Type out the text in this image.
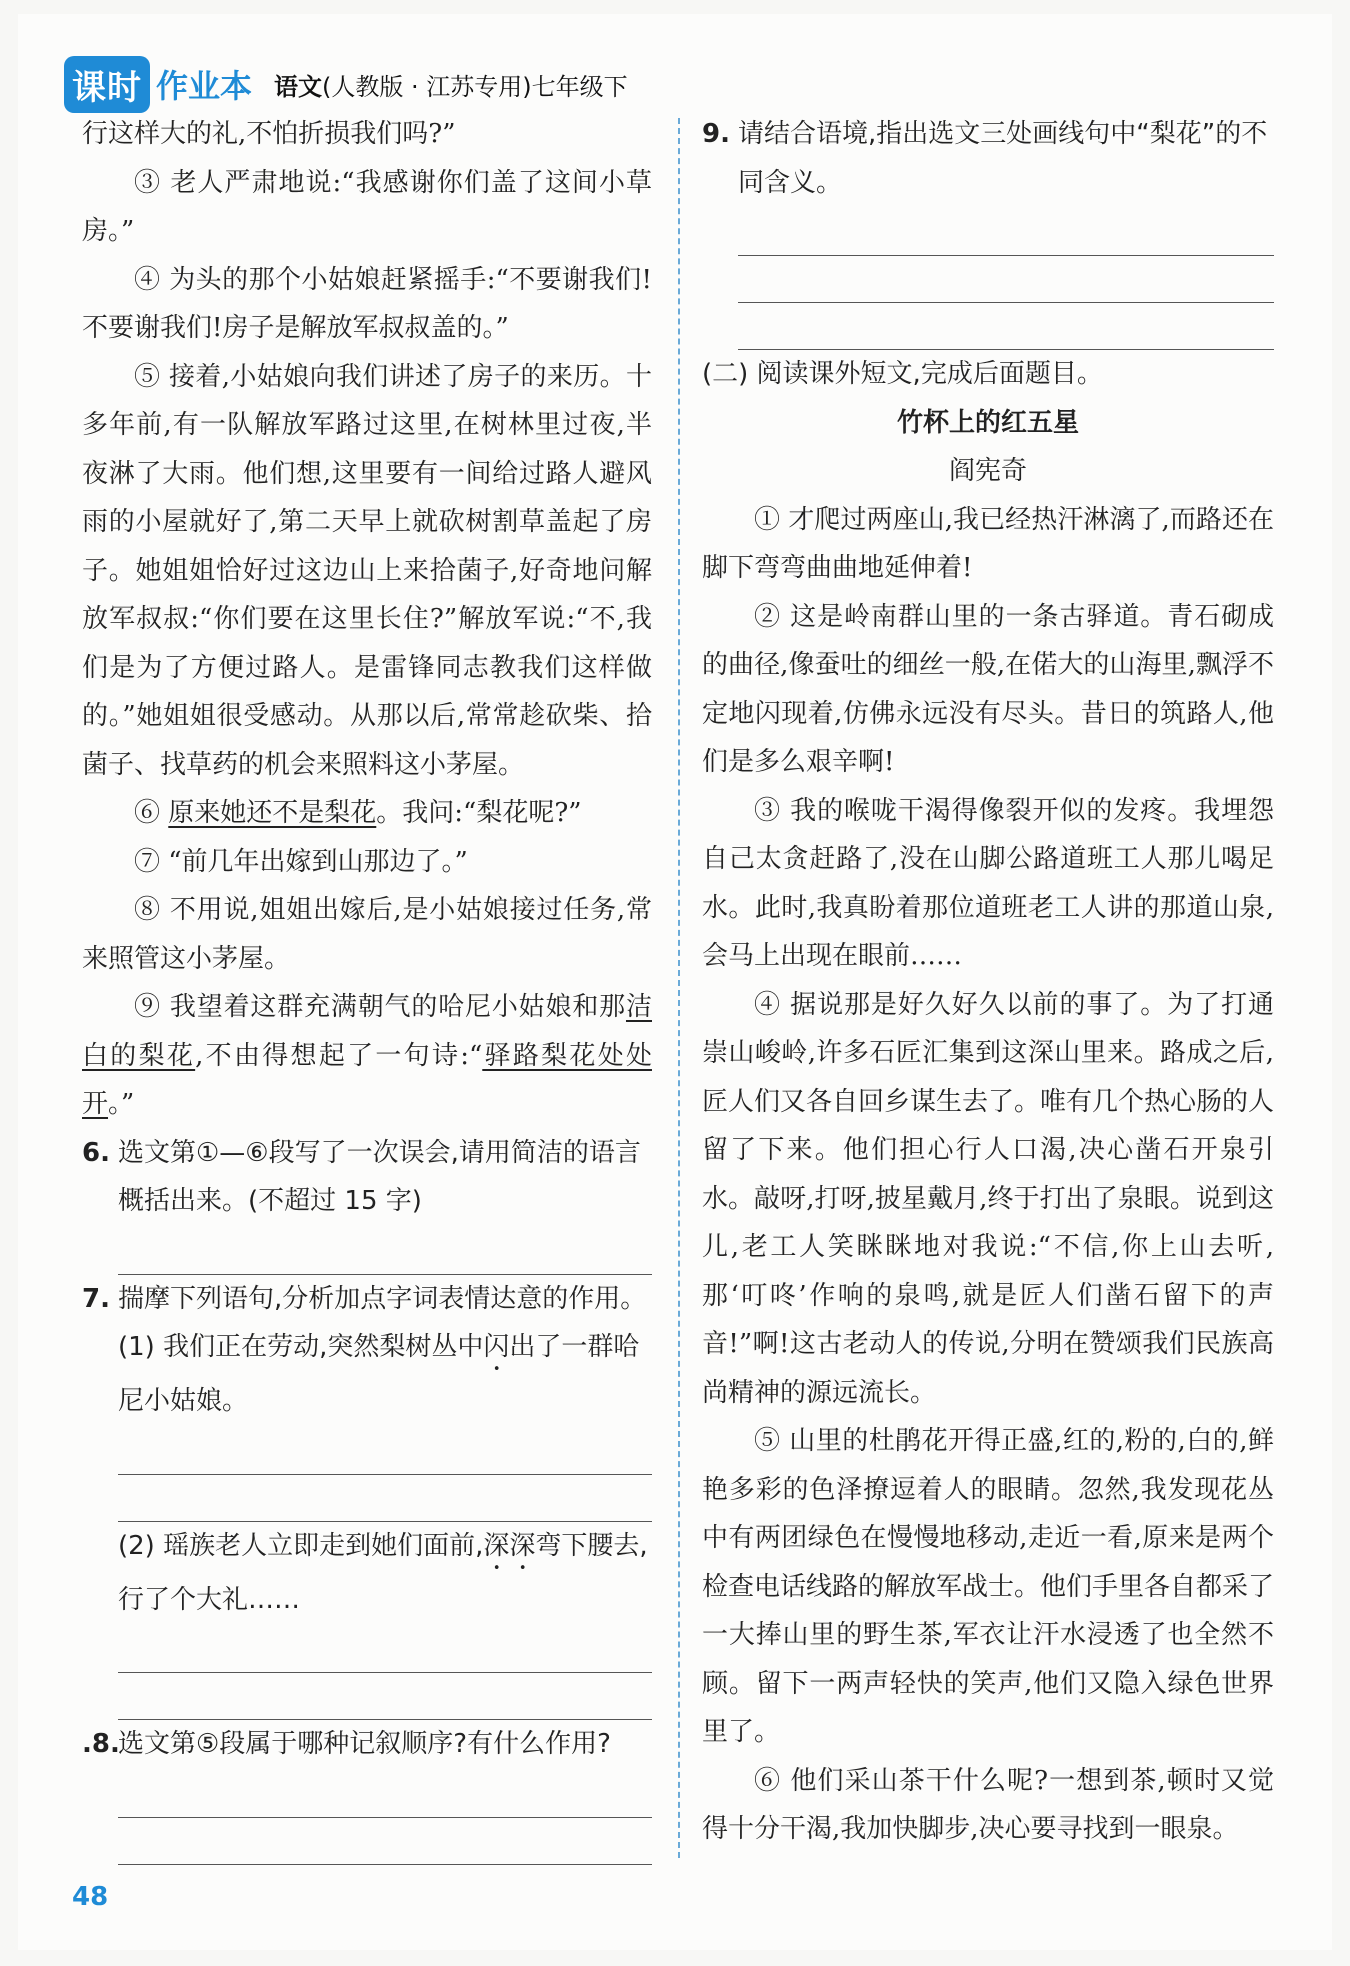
课时 作业本 语文(人教版 · 江苏专用)七年级下

行这样大的礼,不怕折损我们吗?”

③ 老人严肃地说:“我感谢你们盖了这间小草房。”

④ 为头的那个小姑娘赶紧摇手:“不要谢我们!不要谢我们!房子是解放军叔叔盖的。”

⑤ 接着,小姑娘向我们讲述了房子的来历。十多年前,有一队解放军路过这里,在树林里过夜,半夜淋了大雨。他们想,这里要有一间给过路人避风雨的小屋就好了,第二天早上就砍树割草盖起了房子。她姐姐恰好过这边山上来拾菌子,好奇地问解放军叔叔:“你们要在这里长住?”解放军说:“不,我们是为了方便过路人。是雷锋同志教我们这样做的。”她姐姐很受感动。从那以后,常常趁砍柴、拾菌子、找草药的机会来照料这小茅屋。

⑥ 原来她还不是梨花。我问:“梨花呢?”

⑦ “前几年出嫁到山那边了。”

⑧ 不用说,姐姐出嫁后,是小姑娘接过任务,常来照管这小茅屋。

⑨ 我望着这群充满朝气的哈尼小姑娘和那洁白的梨花,不由得想起了一句诗:“驿路梨花处处开。”

6. 选文第①—⑥段写了一次误会,请用简洁的语言概括出来。(不超过 15 字)
7. 揣摩下列语句,分析加点字词表情达意的作用。
(1) 我们正在劳动,突然梨树丛中闪出了一群哈尼小姑娘。
(2) 瑶族老人立即走到她们面前,深深弯下腰去,行了个大礼……
.8.
选文第⑤段属于哪种记叙顺序?有什么作用?
9. 请结合语境,指出选文三处画线句中“梨花”的不同含义。

(二) 阅读课外短文,完成后面题目。

竹杯上的红五星

阎宪奇

① 才爬过两座山,我已经热汗淋漓了,而路还在脚下弯弯曲曲地延伸着!

② 这是岭南群山里的一条古驿道。青石砌成的曲径,像蚕吐的细丝一般,在偌大的山海里,飘浮不定地闪现着,仿佛永远没有尽头。昔日的筑路人,他们是多么艰辛啊!

③ 我的喉咙干渴得像裂开似的发疼。我埋怨自己太贪赶路了,没在山脚公路道班工人那儿喝足水。此时,我真盼着那位道班老工人讲的那道山泉,会马上出现在眼前……

④ 据说那是好久好久以前的事了。为了打通崇山峻岭,许多石匠汇集到这深山里来。路成之后,匠人们又各自回乡谋生去了。唯有几个热心肠的人留了下来。他们担心行人口渴,决心凿石开泉引水。敲呀,打呀,披星戴月,终于打出了泉眼。说到这儿,老工人笑眯眯地对我说:“不信,你上山去听,那‘叮咚’作响的泉鸣,就是匠人们凿石留下的声音!”啊!这古老动人的传说,分明在赞颂我们民族高尚精神的源远流长。

⑤ 山里的杜鹃花开得正盛,红的,粉的,白的,鲜艳多彩的色泽撩逗着人的眼睛。忽然,我发现花丛中有两团绿色在慢慢地移动,走近一看,原来是两个检查电话线路的解放军战士。他们手里各自都采了一大捧山里的野生茶,军衣让汗水浸透了也全然不顾。留下一两声轻快的笑声,他们又隐入绿色世界里了。

⑥ 他们采山茶干什么呢?一想到茶,顿时又觉得十分干渴,我加快脚步,决心要寻找到一眼泉。

48
